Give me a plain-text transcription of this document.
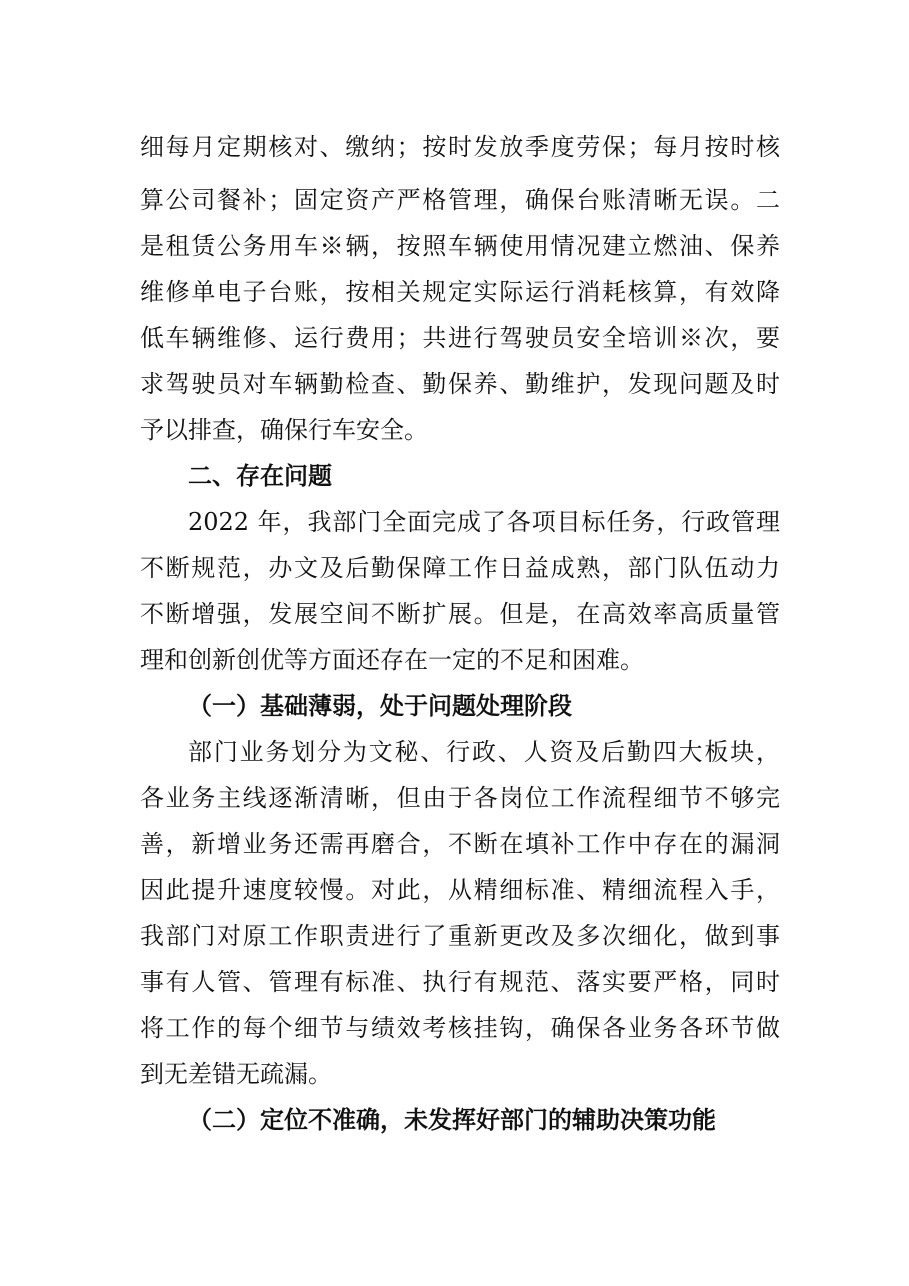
细每月定期核对、缴纳；按时发放季度劳保；每月按时核
算公司餐补；固定资产严格管理，确保台账清晰无误。二
是租赁公务用车※辆，按照车辆使用情况建立燃油、保养
维修单电子台账，按相关规定实际运行消耗核算，有效降
低车辆维修、运行费用；共进行驾驶员安全培训※次，要
求驾驶员对车辆勤检查、勤保养、勤维护，发现问题及时
予以排查，确保行车安全。
二、存在问题
2022 年，我部门全面完成了各项目标任务，行政管理
不断规范，办文及后勤保障工作日益成熟，部门队伍动力
不断增强，发展空间不断扩展。但是，在高效率高质量管
理和创新创优等方面还存在一定的不足和困难。
（一）基础薄弱，处于问题处理阶段
部门业务划分为文秘、行政、人资及后勤四大板块，
各业务主线逐渐清晰，但由于各岗位工作流程细节不够完
善，新增业务还需再磨合，不断在填补工作中存在的漏洞
因此提升速度较慢。对此，从精细标准、精细流程入手，
我部门对原工作职责进行了重新更改及多次细化，做到事
事有人管、管理有标准、执行有规范、落实要严格，同时
将工作的每个细节与绩效考核挂钩，确保各业务各环节做
到无差错无疏漏。
（二）定位不准确，未发挥好部门的辅助决策功能
